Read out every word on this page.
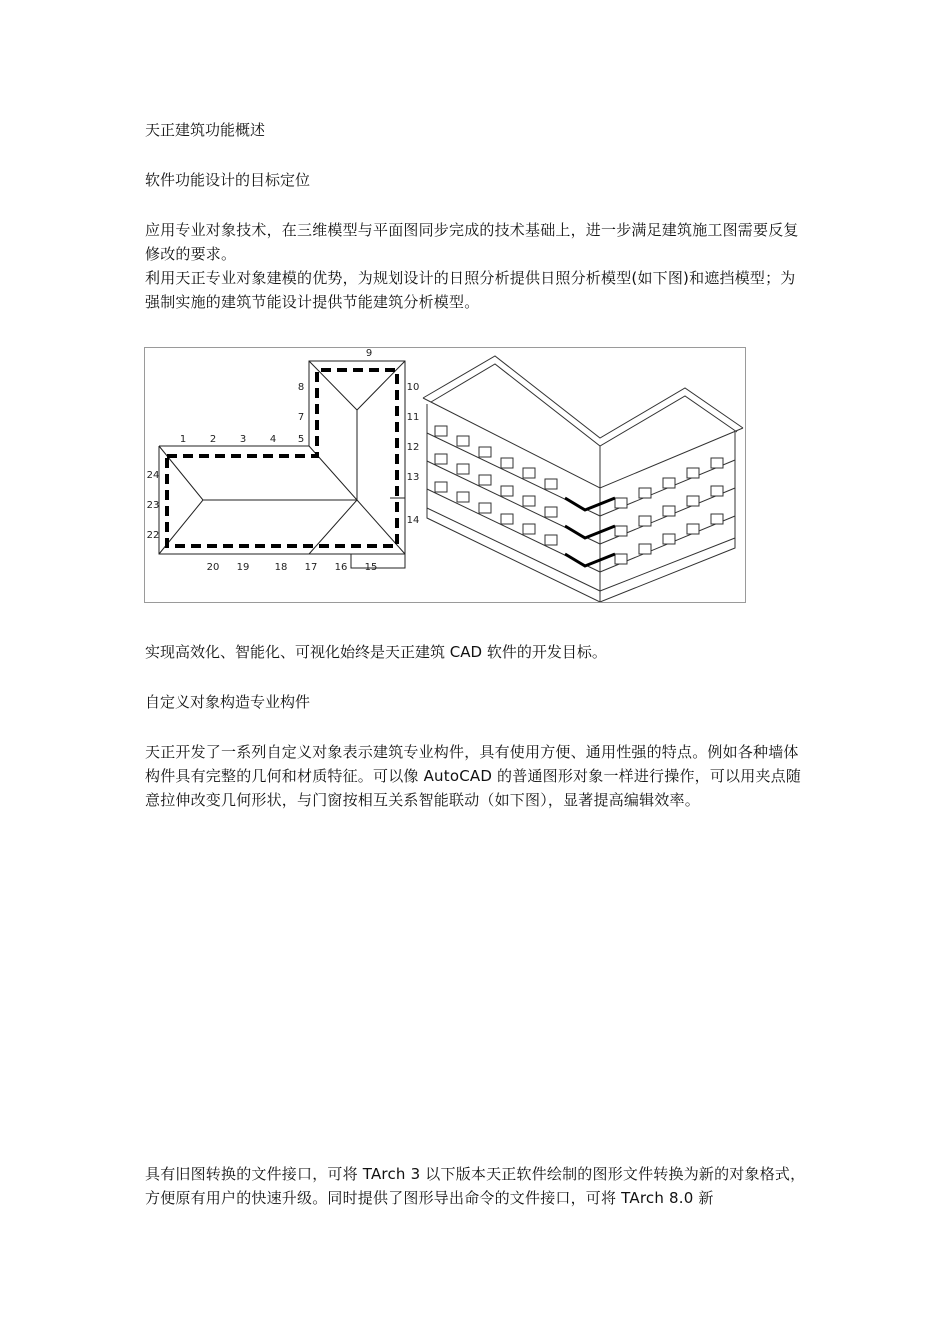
天正建筑功能概述

软件功能设计的目标定位

应用专业对象技术，在三维模型与平面图同步完成的技术基础上，进一步满足建筑施工图需要反复修改的要求。

利用天正专业对象建模的优势，为规划设计的日照分析提供日照分析模型(如下图)和遮挡模型；为强制实施的建筑节能设计提供节能建筑分析模型。

1 2 3 4 5
7
8
9
10
11
12
13
14
15
16
17
18
19
20
22
23
24

实现高效化、智能化、可视化始终是天正建筑 CAD 软件的开发目标。

自定义对象构造专业构件

天正开发了一系列自定义对象表示建筑专业构件，具有使用方便、通用性强的特点。例如各种墙体构件具有完整的几何和材质特征。可以像 AutoCAD 的普通图形对象一样进行操作，可以用夹点随意拉伸改变几何形状，与门窗按相互关系智能联动（如下图），显著提高编辑效率。

具有旧图转换的文件接口，可将 TArch 3 以下版本天正软件绘制的图形文件转换为新的对象格式，方便原有用户的快速升级。同时提供了图形导出命令的文件接口，可将 TArch 8.0 新
